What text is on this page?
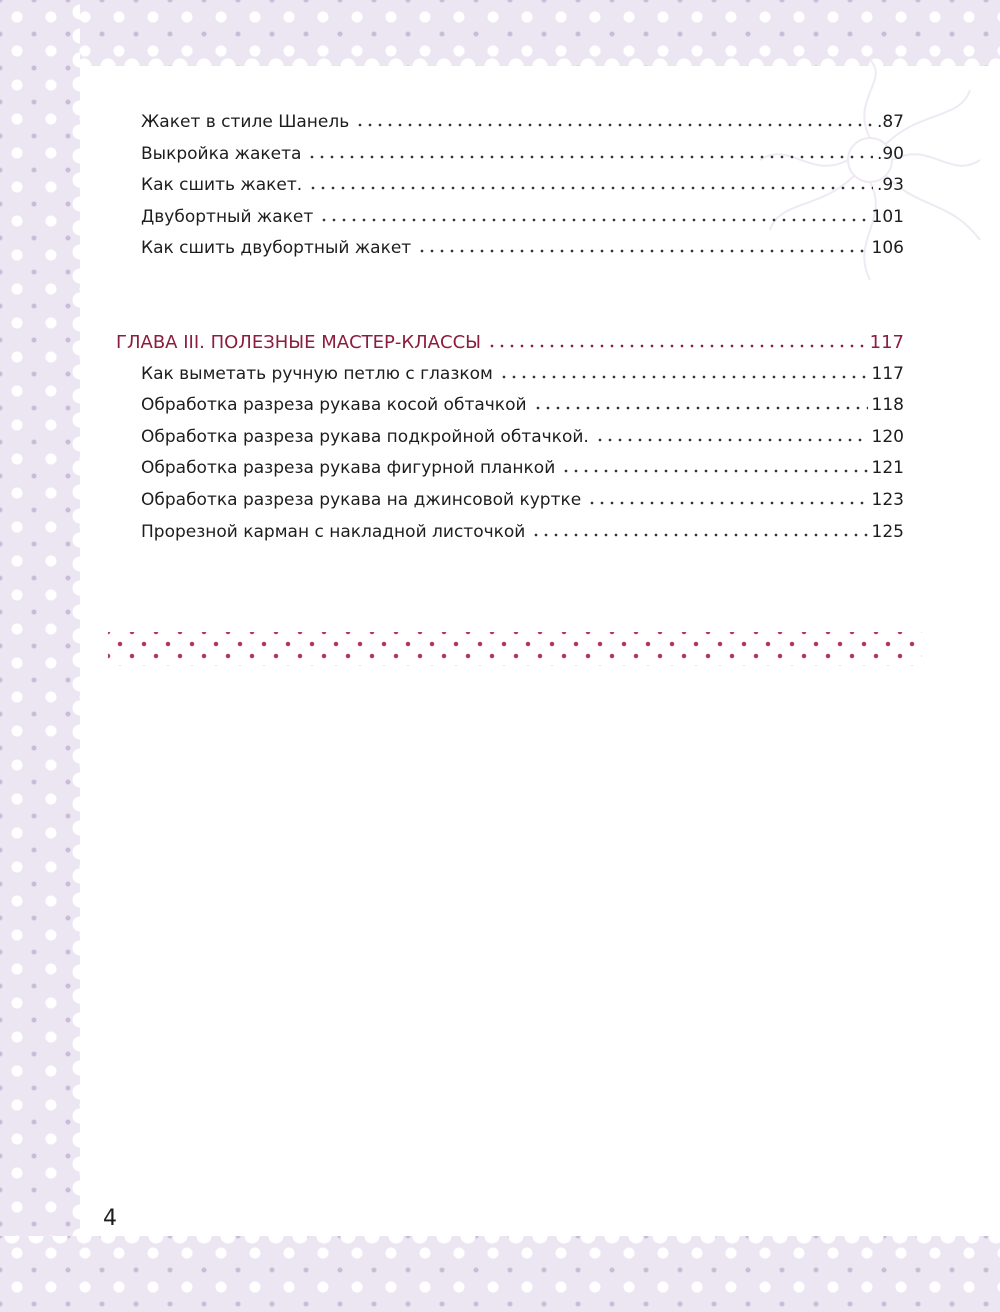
Жакет в стиле Шанель	.87
Выкройка жакета	.90
Как сшить жакет.	.93
Двубортный жакет	101
Как сшить двубортный жакет	106
ГЛАВА III. ПОЛЕЗНЫЕ МАСТЕР-КЛАССЫ	117
Как выметать ручную петлю с глазком	117
Обработка разреза рукава косой обтачкой	118
Обработка разреза рукава подкройной обтачкой.	120
Обработка разреза рукава фигурной планкой	121
Обработка разреза рукава на джинсовой куртке	123
Прорезной карман с накладной листочкой	125
4
